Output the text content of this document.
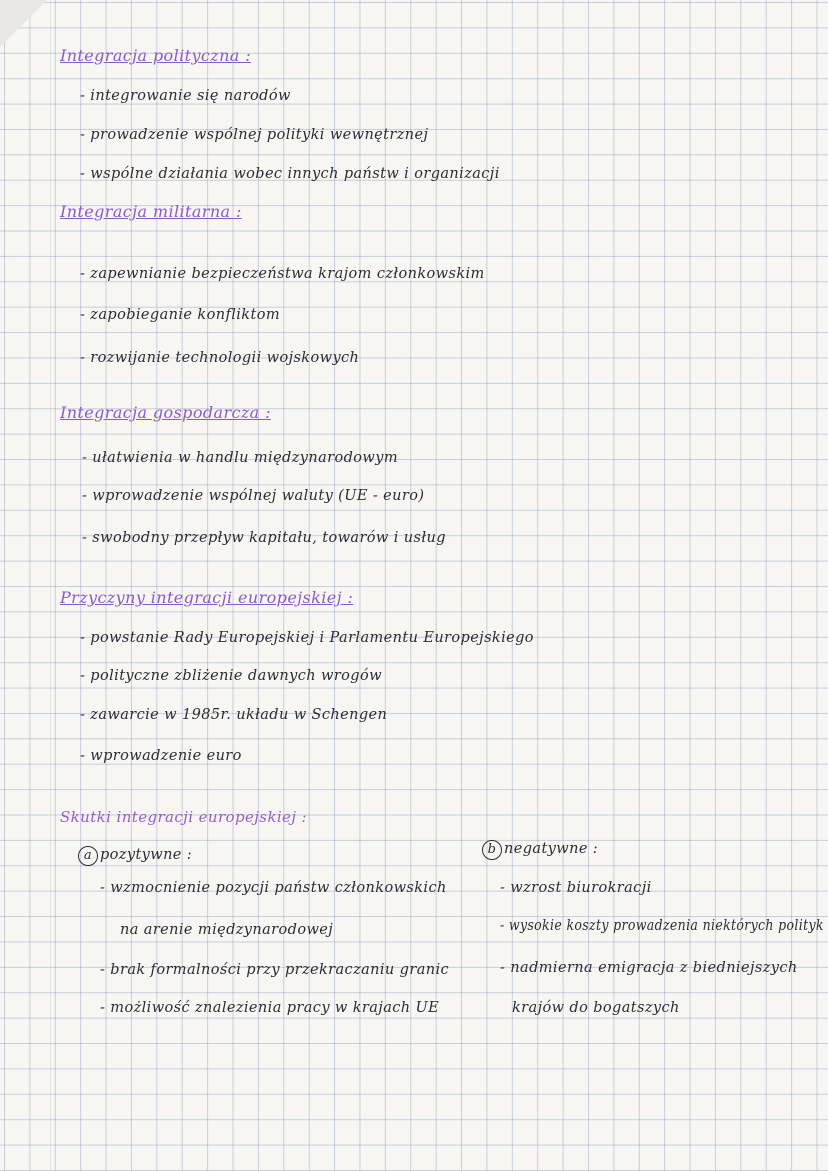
Integracja polityczna :
- integrowanie się narodów
- prowadzenie wspólnej polityki wewnętrznej
- wspólne działania wobec innych państw i organizacji
Integracja militarna :
- zapewnianie bezpieczeństwa krajom członkowskim
- zapobieganie konfliktom
- rozwijanie technologii wojskowych
Integracja gospodarcza :
- ułatwienia w handlu międzynarodowym
- wprowadzenie wspólnej waluty (UE - euro)
- swobodny przepływ kapitału, towarów i usług
Przyczyny integracji europejskiej :
- powstanie Rady Europejskiej i Parlamentu Europejskiego
- polityczne zbliżenie dawnych wrogów
- zawarcie w 1985r. układu w Schengen
- wprowadzenie euro
Skutki integracji europejskiej :
a pozytywne :
- wzmocnienie pozycji państw członkowskich
na arenie międzynarodowej
- brak formalności przy przekraczaniu granic
- możliwość znalezienia pracy w krajach UE
b negatywne :
- wzrost biurokracji
- wysokie koszty prowadzenia niektórych polityk
- nadmierna emigracja z biedniejszych
krajów do bogatszych
